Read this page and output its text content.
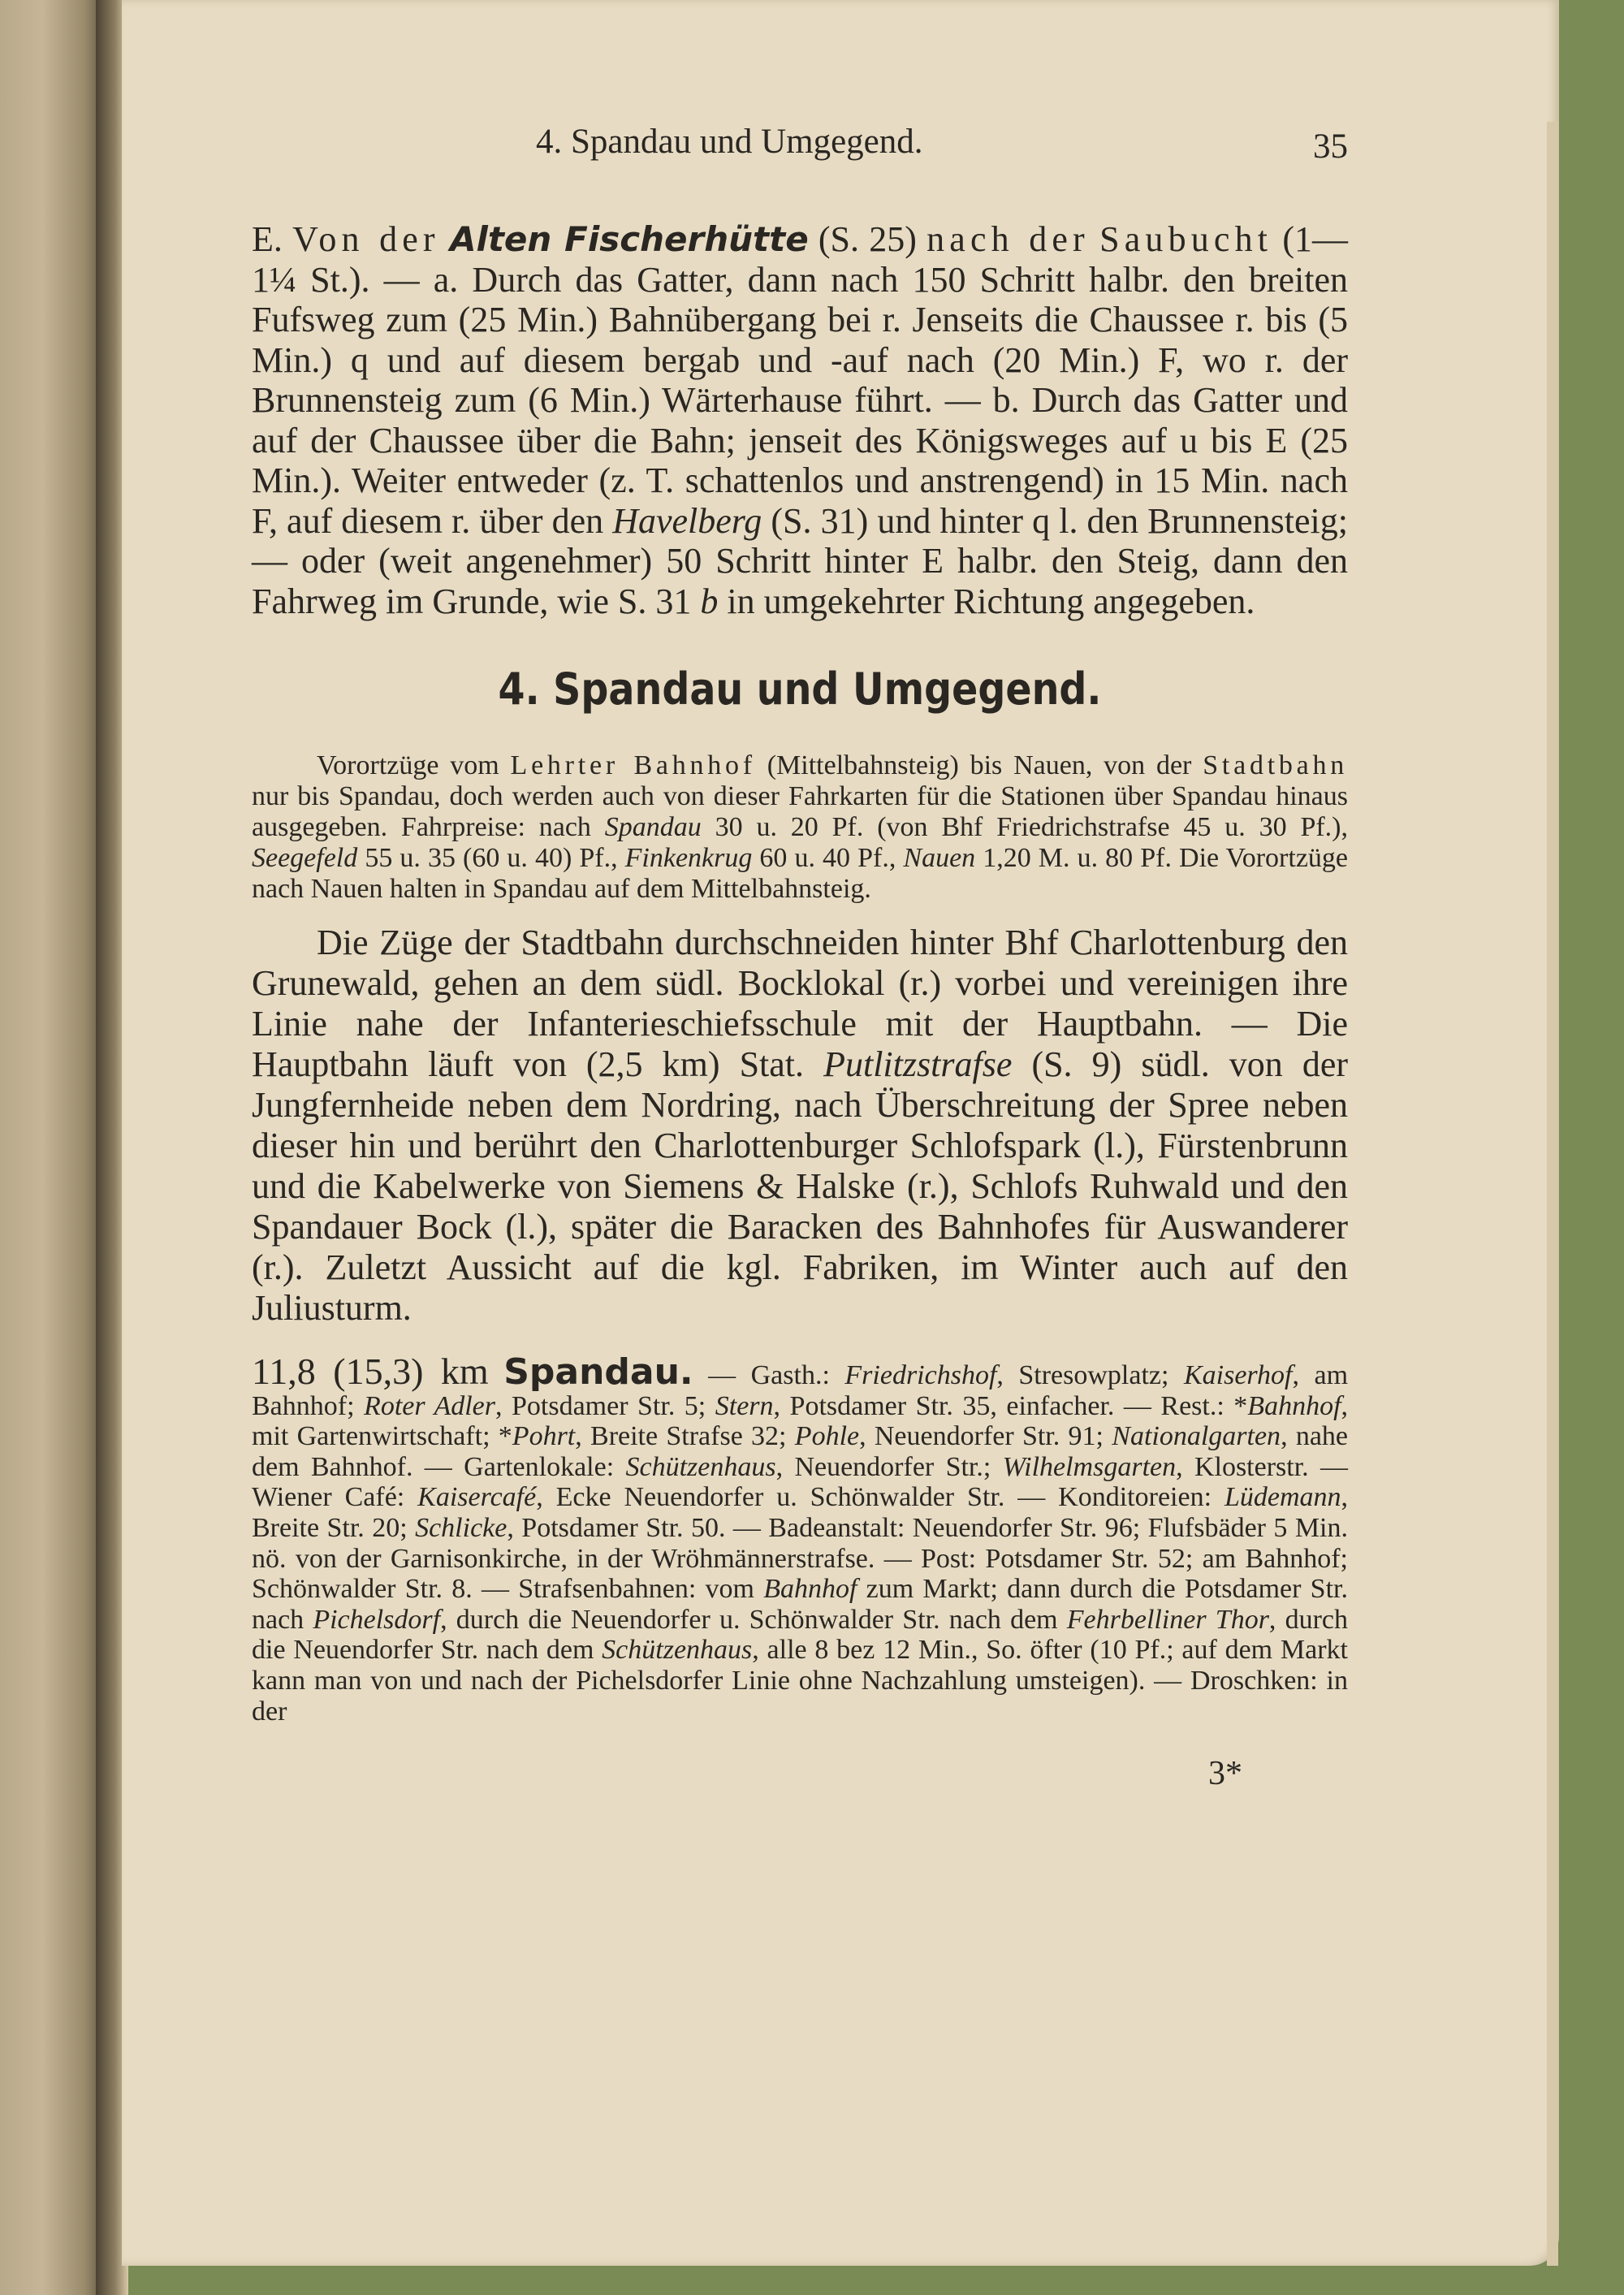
4. Spandau und Umgegend.	35

E. Von der Alten Fischerhütte (S. 25) nach der Saubucht (1—1¼ St.). — a. Durch das Gatter, dann nach 150 Schritt halbr. den breiten Fufsweg zum (25 Min.) Bahnübergang bei r. Jenseits die Chaussee r. bis (5 Min.) q und auf diesem bergab und -auf nach (20 Min.) F, wo r. der Brunnensteig zum (6 Min.) Wärterhause führt. — b. Durch das Gatter und auf der Chaussee über die Bahn; jenseit des Königsweges auf u bis E (25 Min.). Weiter entweder (z. T. schattenlos und anstrengend) in 15 Min. nach F, auf diesem r. über den Havelberg (S. 31) und hinter q l. den Brunnensteig; — oder (weit angenehmer) 50 Schritt hinter E halbr. den Steig, dann den Fahrweg im Grunde, wie S. 31 b in umgekehrter Richtung angegeben.

4. Spandau und Umgegend.

Vorortzüge vom Lehrter Bahnhof (Mittelbahnsteig) bis Nauen, von der Stadtbahn nur bis Spandau, doch werden auch von dieser Fahrkarten für die Stationen über Spandau hinaus ausgegeben. Fahrpreise: nach Spandau 30 u. 20 Pf. (von Bhf Friedrichstrafse 45 u. 30 Pf.), Seegefeld 55 u. 35 (60 u. 40) Pf., Finkenkrug 60 u. 40 Pf., Nauen 1,20 M. u. 80 Pf. Die Vorortzüge nach Nauen halten in Spandau auf dem Mittelbahnsteig.

Die Züge der Stadtbahn durchschneiden hinter Bhf Charlottenburg den Grunewald, gehen an dem südl. Bocklokal (r.) vorbei und vereinigen ihre Linie nahe der Infanterieschiefsschule mit der Hauptbahn. — Die Hauptbahn läuft von (2,5 km) Stat. Putlitzstrafse (S. 9) südl. von der Jungfernheide neben dem Nordring, nach Überschreitung der Spree neben dieser hin und berührt den Charlottenburger Schlofspark (l.), Fürstenbrunn und die Kabelwerke von Siemens & Halske (r.), Schlofs Ruhwald und den Spandauer Bock (l.), später die Baracken des Bahnhofes für Auswanderer (r.). Zuletzt Aussicht auf die kgl. Fabriken, im Winter auch auf den Juliusturm.

11,8 (15,3) km Spandau. — Gasth.: Friedrichshof, Stresowplatz; Kaiserhof, am Bahnhof; Roter Adler, Potsdamer Str. 5; Stern, Potsdamer Str. 35, einfacher. — Rest.: *Bahnhof, mit Gartenwirtschaft; *Pohrt, Breite Strafse 32; Pohle, Neuendorfer Str. 91; Nationalgarten, nahe dem Bahnhof. — Gartenlokale: Schützenhaus, Neuendorfer Str.; Wilhelmsgarten, Klosterstr. — Wiener Café: Kaisercafé, Ecke Neuendorfer u. Schönwalder Str. — Konditoreien: Lüdemann, Breite Str. 20; Schlicke, Potsdamer Str. 50. — Badeanstalt: Neuendorfer Str. 96; Flufsbäder 5 Min. nö. von der Garnisonkirche, in der Wröhmännerstrafse. — Post: Potsdamer Str. 52; am Bahnhof; Schönwalder Str. 8. — Strafsenbahnen: vom Bahnhof zum Markt; dann durch die Potsdamer Str. nach Pichelsdorf, durch die Neuendorfer u. Schönwalder Str. nach dem Fehrbelliner Thor, durch die Neuendorfer Str. nach dem Schützenhaus, alle 8 bez 12 Min., So. öfter (10 Pf.; auf dem Markt kann man von und nach der Pichelsdorfer Linie ohne Nachzahlung umsteigen). — Droschken: in der

3*
